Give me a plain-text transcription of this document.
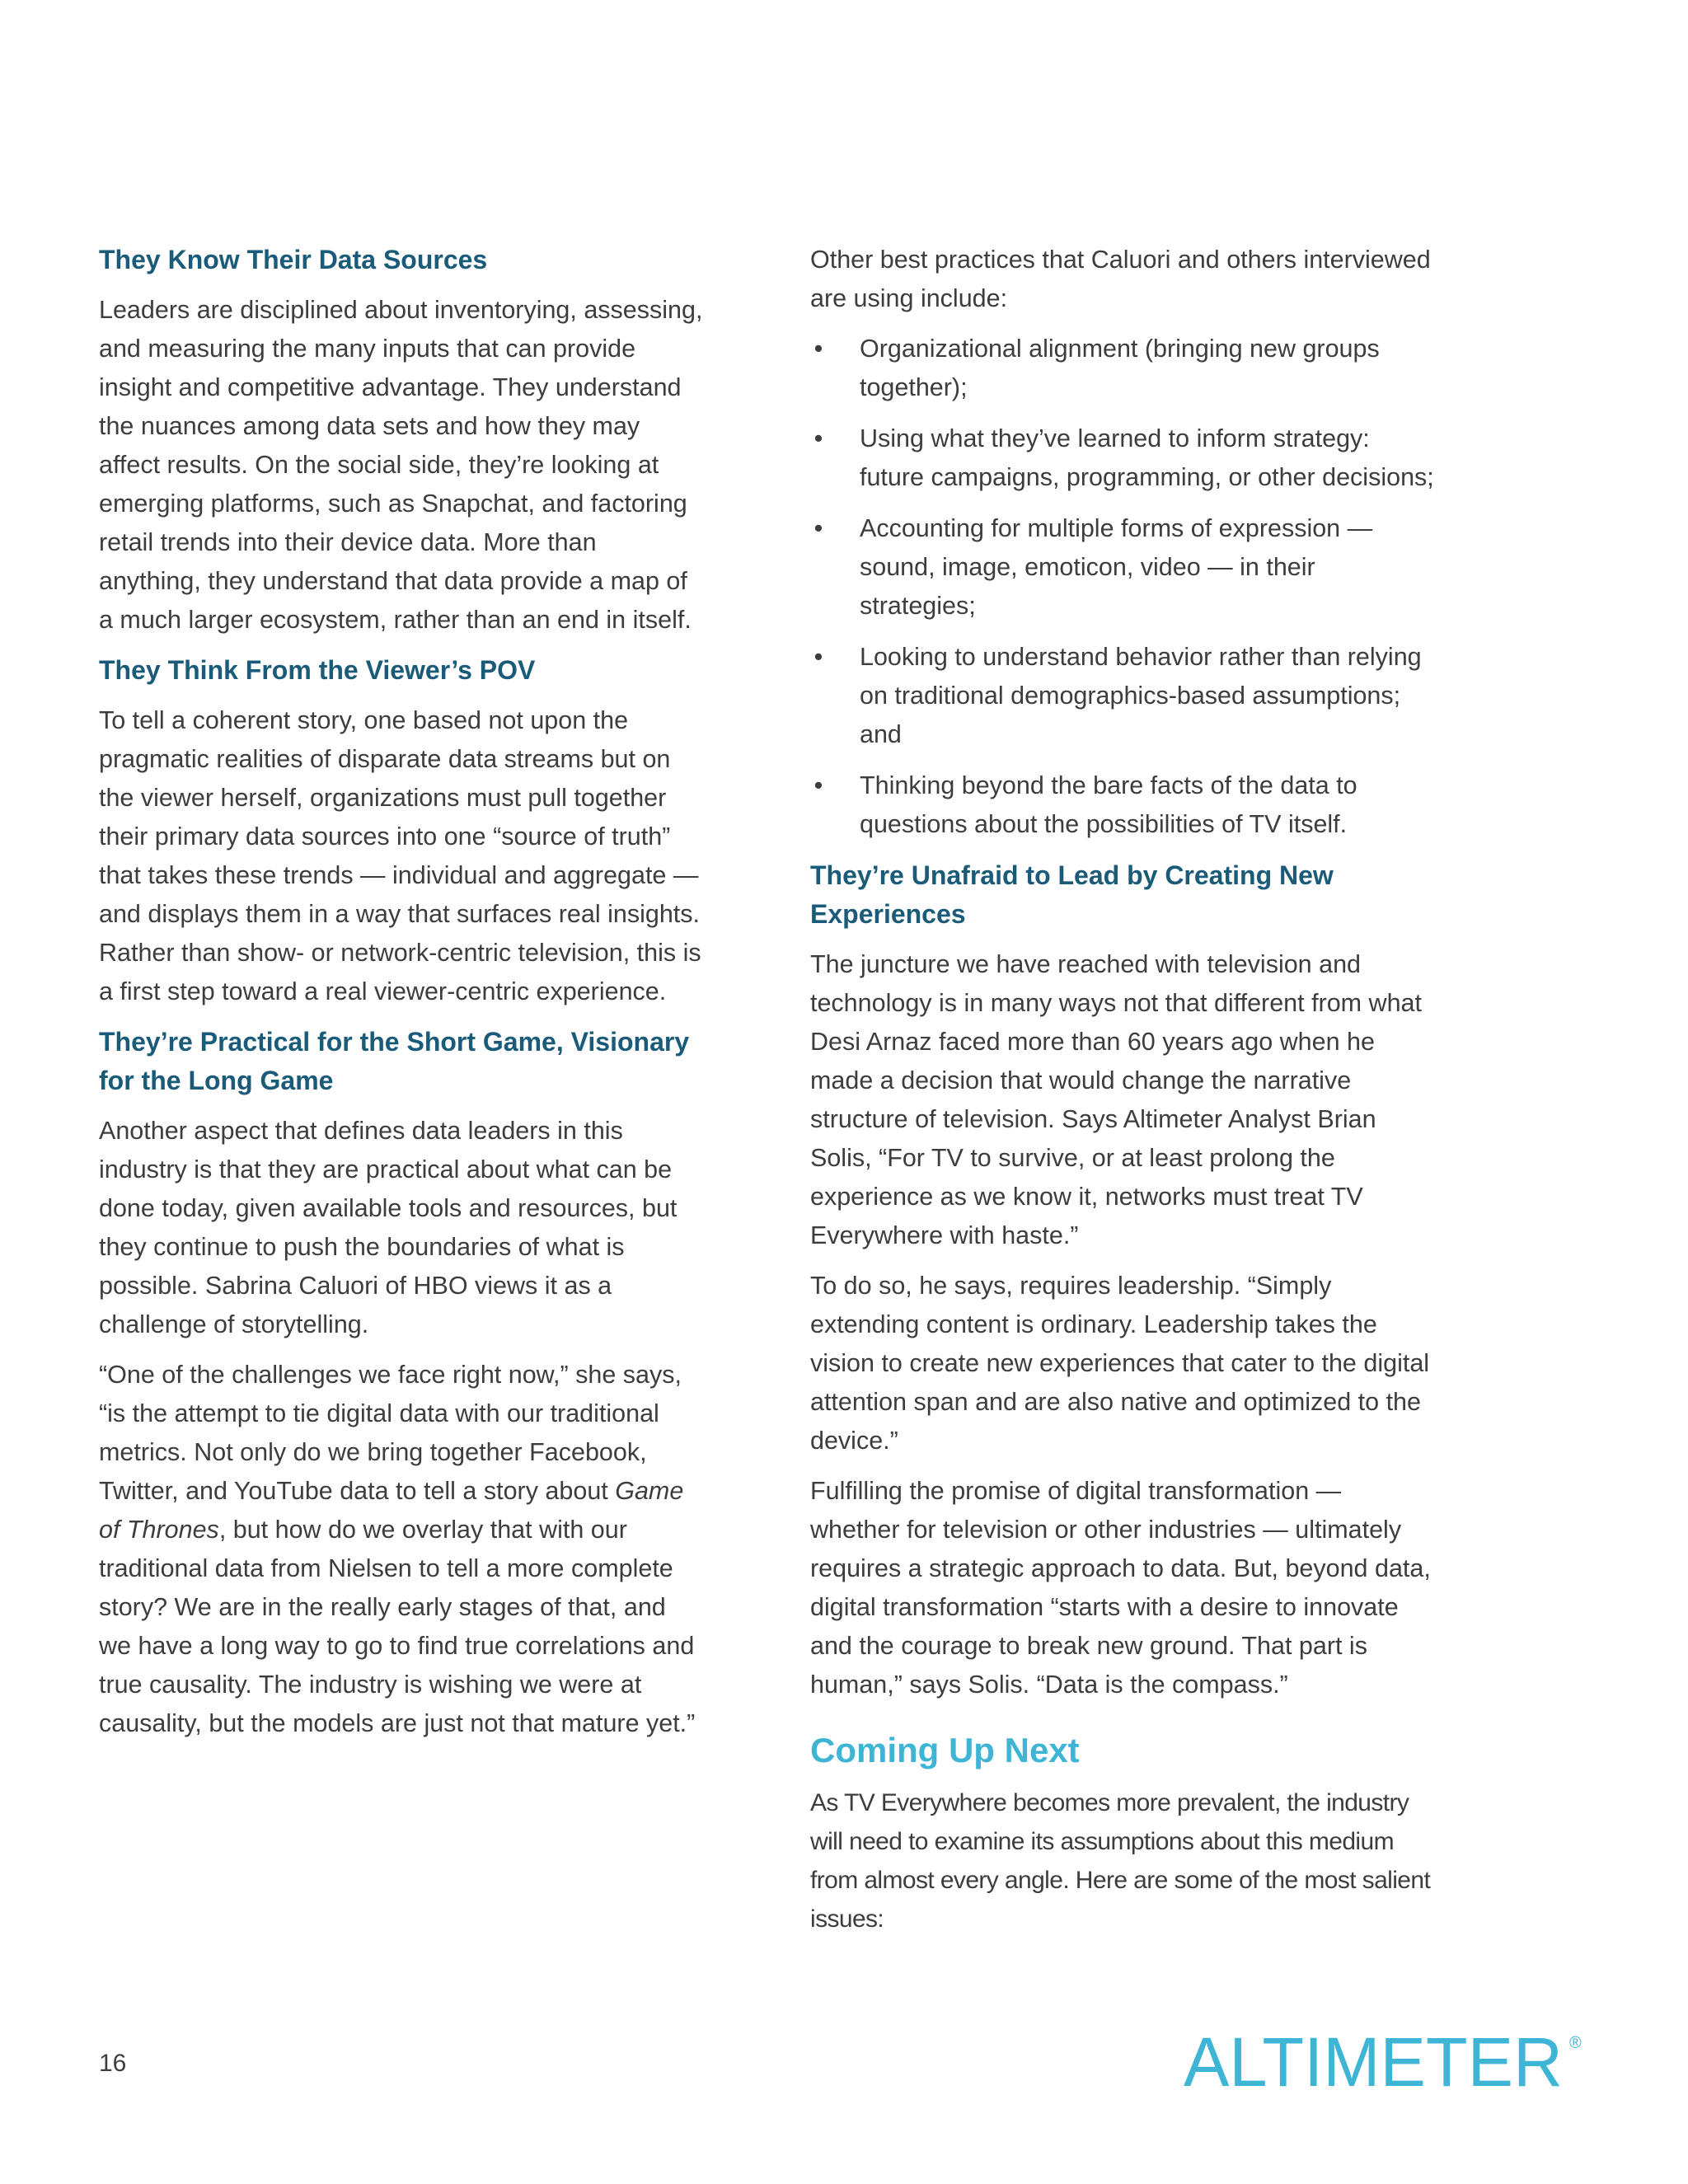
They Know Their Data Sources

Leaders are disciplined about inventorying, assessing, and measuring the many inputs that can provide insight and competitive advantage. They understand the nuances among data sets and how they may affect results. On the social side, they’re looking at emerging platforms, such as Snapchat, and factoring retail trends into their device data. More than anything, they understand that data provide a map of a much larger ecosystem, rather than an end in itself.

They Think From the Viewer’s POV

To tell a coherent story, one based not upon the pragmatic realities of disparate data streams but on the viewer herself, organizations must pull together their primary data sources into one “source of truth” that takes these trends — individual and aggregate — and displays them in a way that surfaces real insights. Rather than show- or network-centric television, this is a first step toward a real viewer-centric experience.

They’re Practical for the Short Game, Visionary for the Long Game

Another aspect that defines data leaders in this industry is that they are practical about what can be done today, given available tools and resources, but they continue to push the boundaries of what is possible. Sabrina Caluori of HBO views it as a challenge of storytelling.

“One of the challenges we face right now,” she says, “is the attempt to tie digital data with our traditional metrics. Not only do we bring together Facebook, Twitter, and YouTube data to tell a story about Game of Thrones, but how do we overlay that with our traditional data from Nielsen to tell a more complete story? We are in the really early stages of that, and we have a long way to go to find true correlations and true causality. The industry is wishing we were at causality, but the models are just not that mature yet.”

Other best practices that Caluori and others interviewed are using include:

• Organizational alignment (bringing new groups together);
• Using what they’ve learned to inform strategy: future campaigns, programming, or other decisions;
• Accounting for multiple forms of expression — sound, image, emoticon, video — in their strategies;
• Looking to understand behavior rather than relying on traditional demographics-based assumptions; and
• Thinking beyond the bare facts of the data to questions about the possibilities of TV itself.
They’re Unafraid to Lead by Creating New Experiences

The juncture we have reached with television and technology is in many ways not that different from what Desi Arnaz faced more than 60 years ago when he made a decision that would change the narrative structure of television. Says Altimeter Analyst Brian Solis, “For TV to survive, or at least prolong the experience as we know it, networks must treat TV Everywhere with haste.”

To do so, he says, requires leadership. “Simply extending content is ordinary. Leadership takes the vision to create new experiences that cater to the digital attention span and are also native and optimized to the device.”

Fulfilling the promise of digital transformation — whether for television or other industries — ultimately requires a strategic approach to data. But, beyond data, digital transformation “starts with a desire to innovate and the courage to break new ground. That part is human,” says Solis. “Data is the compass.”

Coming Up Next

As TV Everywhere becomes more prevalent, the industry will need to examine its assumptions about this medium from almost every angle. Here are some of the most salient issues:

16	ALTIMETER ®
